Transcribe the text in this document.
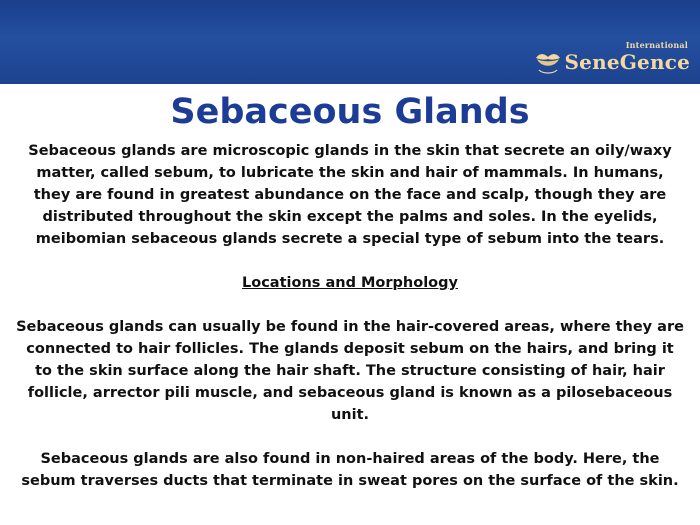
International
SeneGence
Sebaceous Glands

Sebaceous glands are microscopic glands in the skin that secrete an oily/waxy matter, called sebum, to lubricate the skin and hair of mammals. In humans, they are found in greatest abundance on the face and scalp, though they are distributed throughout the skin except the palms and soles. In the eyelids, meibomian sebaceous glands secrete a special type of sebum into the tears.

Locations and Morphology

Sebaceous glands can usually be found in the hair-covered areas, where they are connected to hair follicles. The glands deposit sebum on the hairs, and bring it to the skin surface along the hair shaft. The structure consisting of hair, hair follicle, arrector pili muscle, and sebaceous gland is known as a pilosebaceous unit.

Sebaceous glands are also found in non-haired areas of the body. Here, the sebum traverses ducts that terminate in sweat pores on the surface of the skin.
